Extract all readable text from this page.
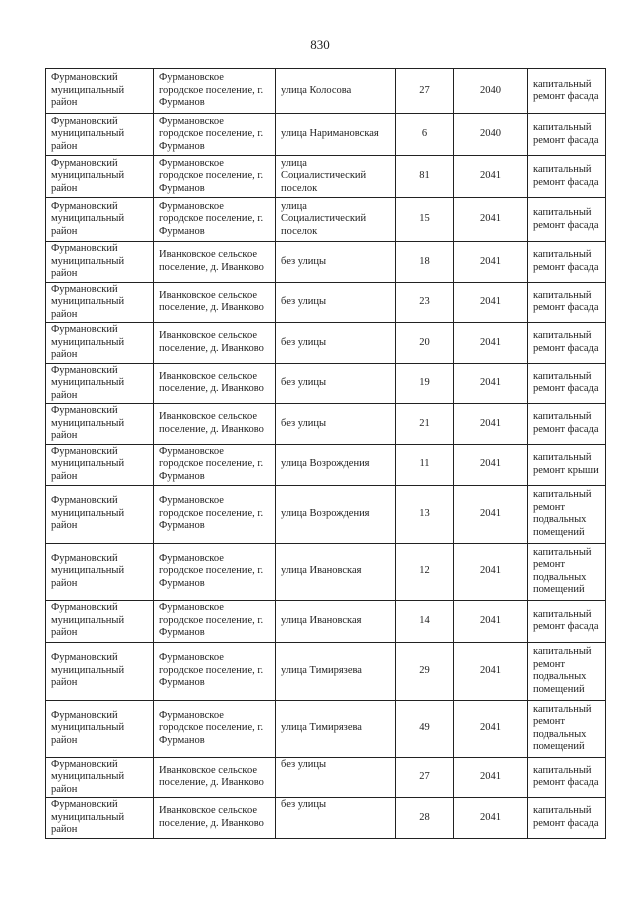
830
Фурмановский муниципальный район	Фурмановское городское поселение, г. Фурманов	улица Колосова	27	2040	капитальный ремонт фасада
Фурмановский муниципальный район	Фурмановское городское поселение, г. Фурманов	улица Наримановская	6	2040	капитальный ремонт фасада
Фурмановский муниципальный район	Фурмановское городское поселение, г. Фурманов	улица Социалистический поселок	81	2041	капитальный ремонт фасада
Фурмановский муниципальный район	Фурмановское городское поселение, г. Фурманов	улица Социалистический поселок	15	2041	капитальный ремонт фасада
Фурмановский муниципальный район	Иванковское сельское поселение, д. Иванково	без улицы	18	2041	капитальный ремонт фасада
Фурмановский муниципальный район	Иванковское сельское поселение, д. Иванково	без улицы	23	2041	капитальный ремонт фасада
Фурмановский муниципальный район	Иванковское сельское поселение, д. Иванково	без улицы	20	2041	капитальный ремонт фасада
Фурмановский муниципальный район	Иванковское сельское поселение, д. Иванково	без улицы	19	2041	капитальный ремонт фасада
Фурмановский муниципальный район	Иванковское сельское поселение, д. Иванково	без улицы	21	2041	капитальный ремонт фасада
Фурмановский муниципальный район	Фурмановское городское поселение, г. Фурманов	улица Возрождения	11	2041	капитальный ремонт крыши
Фурмановский муниципальный район	Фурмановское городское поселение, г. Фурманов	улица Возрождения	13	2041	капитальный ремонт подвальных помещений
Фурмановский муниципальный район	Фурмановское городское поселение, г. Фурманов	улица Ивановская	12	2041	капитальный ремонт подвальных помещений
Фурмановский муниципальный район	Фурмановское городское поселение, г. Фурманов	улица Ивановская	14	2041	капитальный ремонт фасада
Фурмановский муниципальный район	Фурмановское городское поселение, г. Фурманов	улица Тимирязева	29	2041	капитальный ремонт подвальных помещений
Фурмановский муниципальный район	Фурмановское городское поселение, г. Фурманов	улица Тимирязева	49	2041	капитальный ремонт подвальных помещений
Фурмановский муниципальный район	Иванковское сельское поселение, д. Иванково	без улицы	27	2041	капитальный ремонт фасада
Фурмановский муниципальный район	Иванковское сельское поселение, д. Иванково	без улицы	28	2041	капитальный ремонт фасада
